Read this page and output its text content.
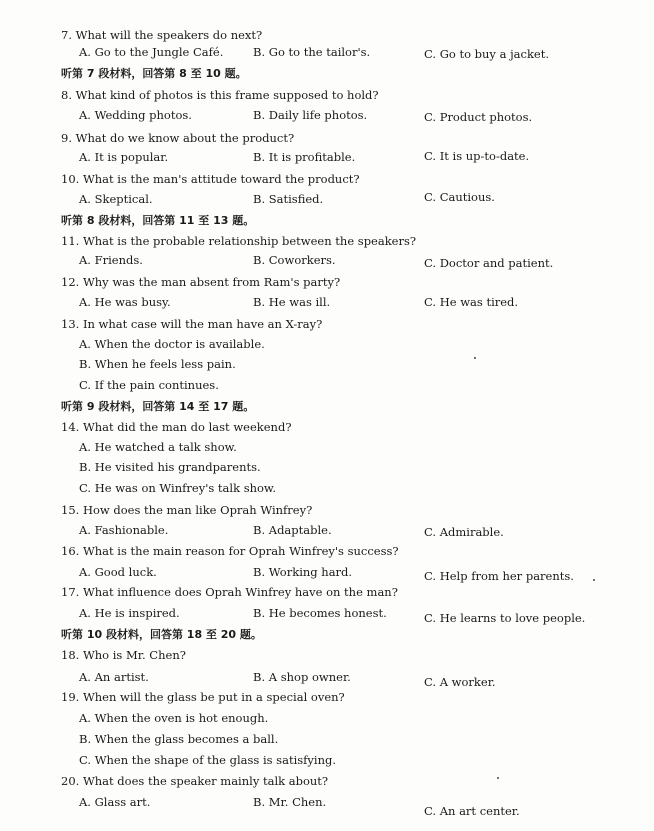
7. What will the speakers do next?
A. Go to the Jungle Café.	B. Go to the tailor's.	C. Go to buy a jacket.
听第 7 段材料，回答第 8 至 10 题。
8. What kind of photos is this frame supposed to hold?
A. Wedding photos.	B. Daily life photos.	C. Product photos.
9. What do we know about the product?
A. It is popular.	B. It is profitable.	C. It is up-to-date.
10. What is the man's attitude toward the product?
A. Skeptical.	B. Satisfied.	C. Cautious.
听第 8 段材料，回答第 11 至 13 题。
11. What is the probable relationship between the speakers?
A. Friends.	B. Coworkers.	C. Doctor and patient.
12. Why was the man absent from Ram's party?
A. He was busy.	B. He was ill.	C. He was tired.
13. In what case will the man have an X-ray?
A. When the doctor is available.
B. When he feels less pain.
C. If the pain continues.
听第 9 段材料，回答第 14 至 17 题。
14. What did the man do last weekend?
A. He watched a talk show.
B. He visited his grandparents.
C. He was on Winfrey's talk show.
15. How does the man like Oprah Winfrey?
A. Fashionable.	B. Adaptable.	C. Admirable.
16. What is the main reason for Oprah Winfrey's success?
A. Good luck.	B. Working hard.	C. Help from her parents.
17. What influence does Oprah Winfrey have on the man?
A. He is inspired.	B. He becomes honest.	C. He learns to love people.
听第 10 段材料，回答第 18 至 20 题。
18. Who is Mr. Chen?
A. An artist.	B. A shop owner.	C. A worker.
19. When will the glass be put in a special oven?
A. When the oven is hot enough.
B. When the glass becomes a ball.
C. When the shape of the glass is satisfying.
20. What does the speaker mainly talk about?
A. Glass art.	B. Mr. Chen.
C. An art center.
